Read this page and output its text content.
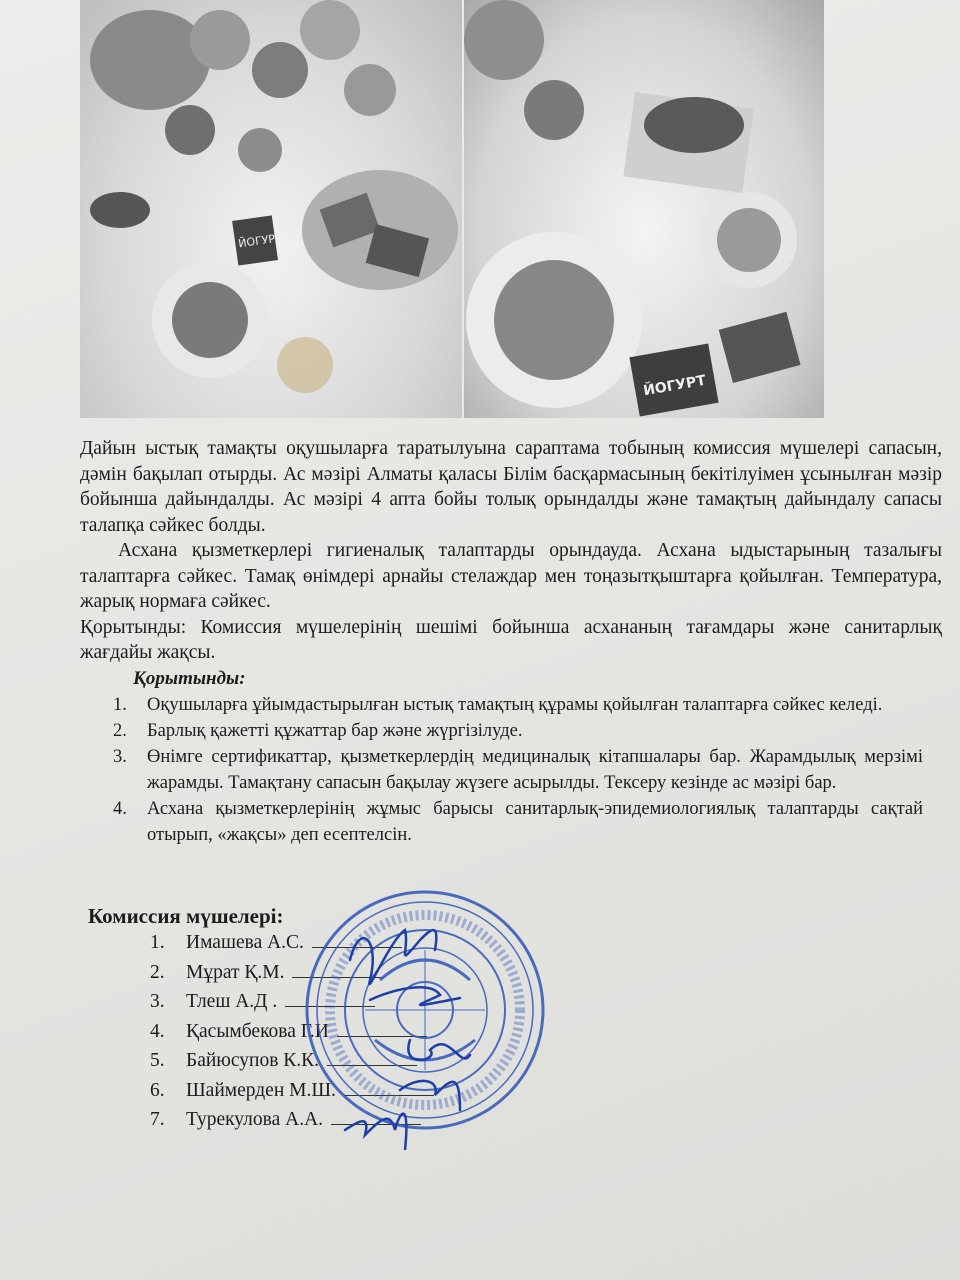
ЙОГУРТ
ЙОГУРТ

Дайын ыстық тамақты оқушыларға таратылуына сараптама тобының комиссия мүшелері сапасын, дәмін бақылап отырды. Ас мәзірі Алматы қаласы Білім басқармасының бекітілуімен ұсынылған мәзір бойынша дайындалды. Ас мәзірі 4 апта бойы толық орындалды және тамақтың дайындалу сапасы талапқа сәйкес болды.

Асхана қызметкерлері гигиеналық талаптарды орындауда. Асхана ыдыстарының тазалығы талаптарға сәйкес. Тамақ өнімдері арнайы стелаждар мен тоңазытқыштарға қойылған. Температура, жарық нормаға сәйкес.

Қорытынды: Комиссия мүшелерінің шешімі бойынша асхананың тағамдары және санитарлық жағдайы жақсы.

Қорытынды:
1. Оқушыларға ұйымдастырылған ыстық тамақтың құрамы қойылған талаптарға сәйкес келеді.
2. Барлық қажетті құжаттар бар және жүргізілуде.
3. Өнімге сертификаттар, қызметкерлердің медициналық кітапшалары бар. Жарамдылық мерзімі жарамды. Тамақтану сапасын бақылау жүзеге асырылды. Тексеру кезінде ас мәзірі бар.
4. Асхана қызметкерлерінің жұмыс барысы санитарлық-эпидемиологиялық талаптарды сақтай отырып, «жақсы» деп есептелсін.
Комиссия мүшелері:
1.	Имашева А.С.
2.	Мұрат Қ.М.
3.	Тлеш А.Д .
4.	Қасымбекова Г.И
5.	Байюсупов К.К.
6.	Шаймерден М.Ш.
7.	Турекулова А.А.
